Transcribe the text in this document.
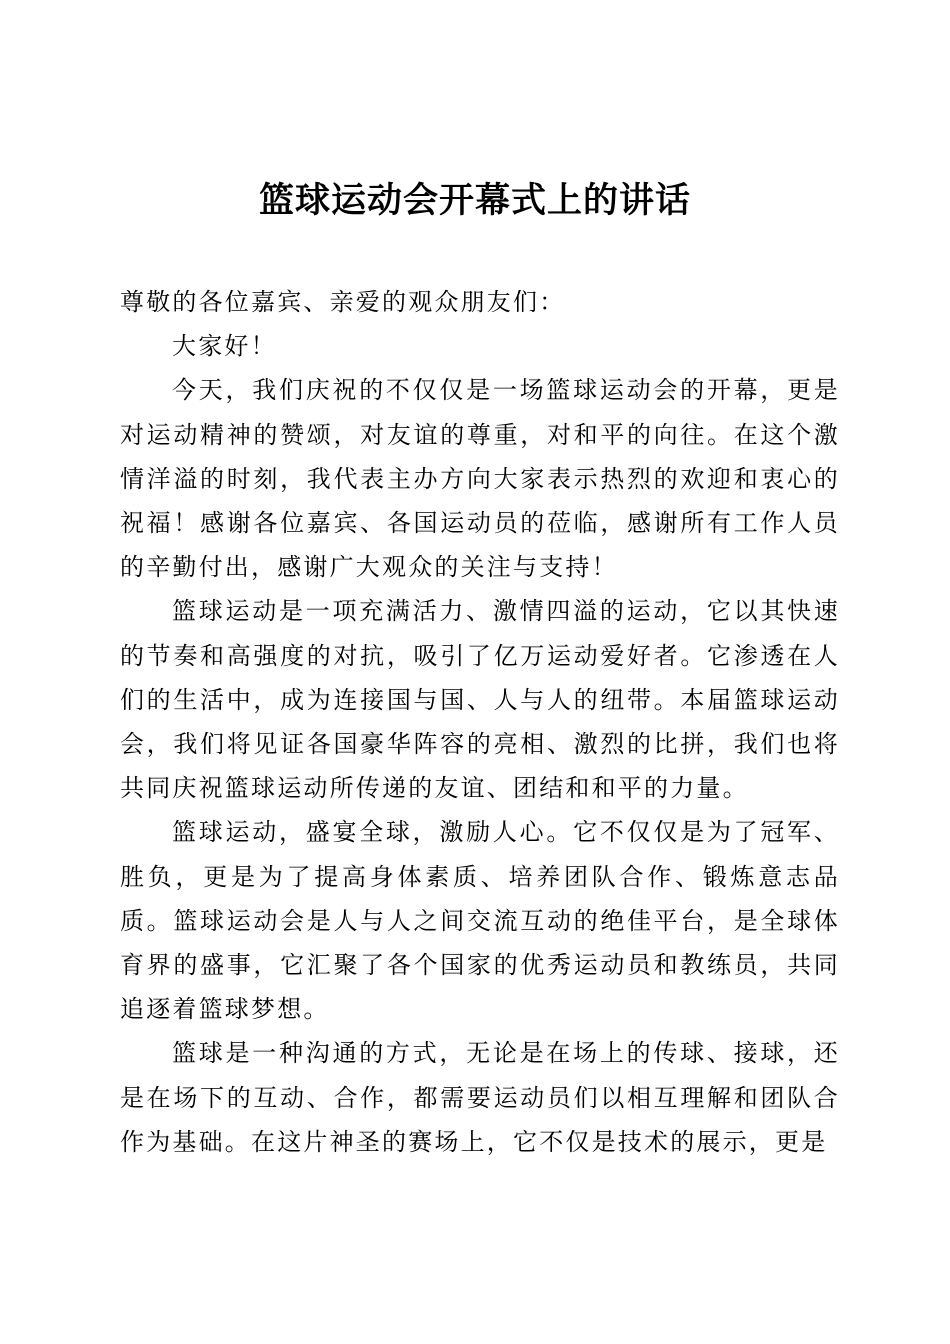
篮球运动会开幕式上的讲话

尊敬的各位嘉宾、亲爱的观众朋友们：

大家好！

今天，我们庆祝的不仅仅是一场篮球运动会的开幕，更是对运动精神的赞颂，对友谊的尊重，对和平的向往。在这个激情洋溢的时刻，我代表主办方向大家表示热烈的欢迎和衷心的祝福！感谢各位嘉宾、各国运动员的莅临，感谢所有工作人员的辛勤付出，感谢广大观众的关注与支持！

篮球运动是一项充满活力、激情四溢的运动，它以其快速的节奏和高强度的对抗，吸引了亿万运动爱好者。它渗透在人们的生活中，成为连接国与国、人与人的纽带。本届篮球运动会，我们将见证各国豪华阵容的亮相、激烈的比拼，我们也将共同庆祝篮球运动所传递的友谊、团结和和平的力量。

篮球运动，盛宴全球，激励人心。它不仅仅是为了冠军、胜负，更是为了提高身体素质、培养团队合作、锻炼意志品质。篮球运动会是人与人之间交流互动的绝佳平台，是全球体育界的盛事，它汇聚了各个国家的优秀运动员和教练员，共同追逐着篮球梦想。

篮球是一种沟通的方式，无论是在场上的传球、接球，还是在场下的互动、合作，都需要运动员们以相互理解和团队合作为基础。在这片神圣的赛场上，它不仅是技术的展示，更是
